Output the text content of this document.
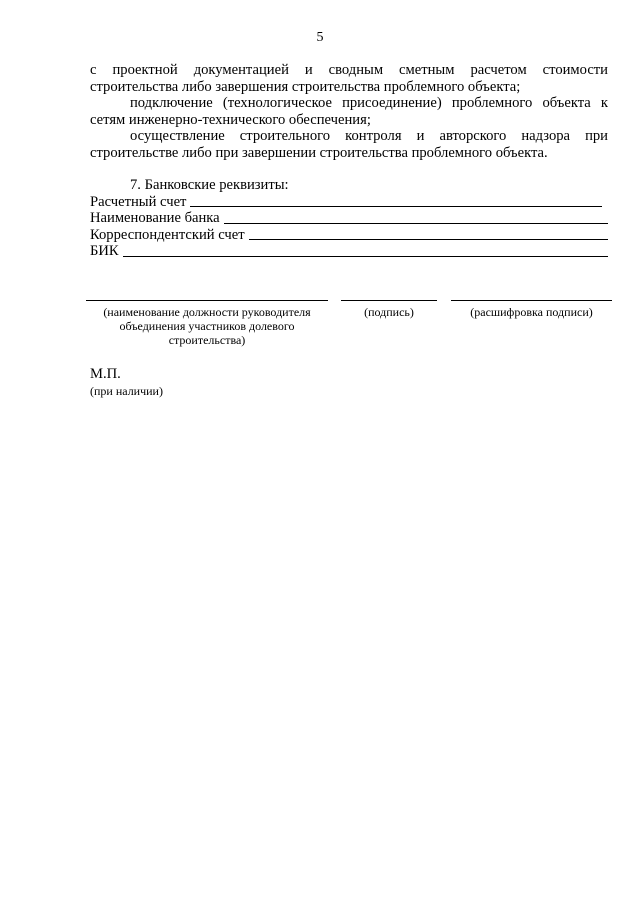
5

с проектной документацией и сводным сметным расчетом стоимости строительства либо завершения строительства проблемного объекта;

подключение (технологическое присоединение) проблемного объекта к сетям инженерно-технического обеспечения;

осуществление строительного контроля и авторского надзора при строительстве либо при завершении строительства проблемного объекта.

7. Банковские реквизиты:

Расчетный счет
Наименование банка
Корреспондентский счет
БИК
(наименование должности руководителя объединения участников долевого строительства)
(подпись)	(расшифровка подписи)
М.П.
(при наличии)
